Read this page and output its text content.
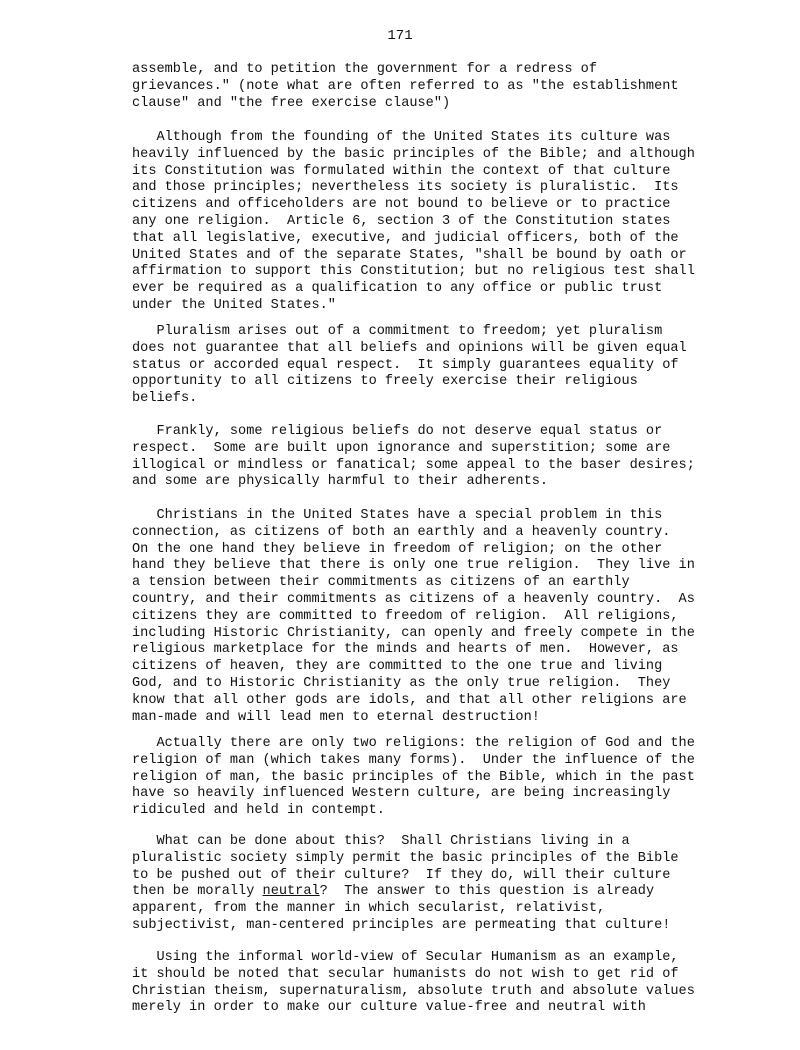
171
assemble, and to petition the government for a redress of
grievances." (note what are often referred to as "the establishment
clause" and "the free exercise clause")
Although from the founding of the United States its culture was
heavily influenced by the basic principles of the Bible; and although
its Constitution was formulated within the context of that culture
and those principles; nevertheless its society is pluralistic.  Its
citizens and officeholders are not bound to believe or to practice
any one religion.  Article 6, section 3 of the Constitution states
that all legislative, executive, and judicial officers, both of the
United States and of the separate States, "shall be bound by oath or
affirmation to support this Constitution; but no religious test shall
ever be required as a qualification to any office or public trust
under the United States."
Pluralism arises out of a commitment to freedom; yet pluralism
does not guarantee that all beliefs and opinions will be given equal
status or accorded equal respect.  It simply guarantees equality of
opportunity to all citizens to freely exercise their religious
beliefs.
Frankly, some religious beliefs do not deserve equal status or
respect.  Some are built upon ignorance and superstition; some are
illogical or mindless or fanatical; some appeal to the baser desires;
and some are physically harmful to their adherents.
Christians in the United States have a special problem in this
connection, as citizens of both an earthly and a heavenly country.
On the one hand they believe in freedom of religion; on the other
hand they believe that there is only one true religion.  They live in
a tension between their commitments as citizens of an earthly
country, and their commitments as citizens of a heavenly country.  As
citizens they are committed to freedom of religion.  All religions,
including Historic Christianity, can openly and freely compete in the
religious marketplace for the minds and hearts of men.  However, as
citizens of heaven, they are committed to the one true and living
God, and to Historic Christianity as the only true religion.  They
know that all other gods are idols, and that all other religions are
man-made and will lead men to eternal destruction!
Actually there are only two religions: the religion of God and the
religion of man (which takes many forms).  Under the influence of the
religion of man, the basic principles of the Bible, which in the past
have so heavily influenced Western culture, are being increasingly
ridiculed and held in contempt.
What can be done about this?  Shall Christians living in a
pluralistic society simply permit the basic principles of the Bible
to be pushed out of their culture?  If they do, will their culture
then be morally neutral?  The answer to this question is already
apparent, from the manner in which secularist, relativist,
subjectivist, man-centered principles are permeating that culture!
Using the informal world-view of Secular Humanism as an example,
it should be noted that secular humanists do not wish to get rid of
Christian theism, supernaturalism, absolute truth and absolute values
merely in order to make our culture value-free and neutral with
